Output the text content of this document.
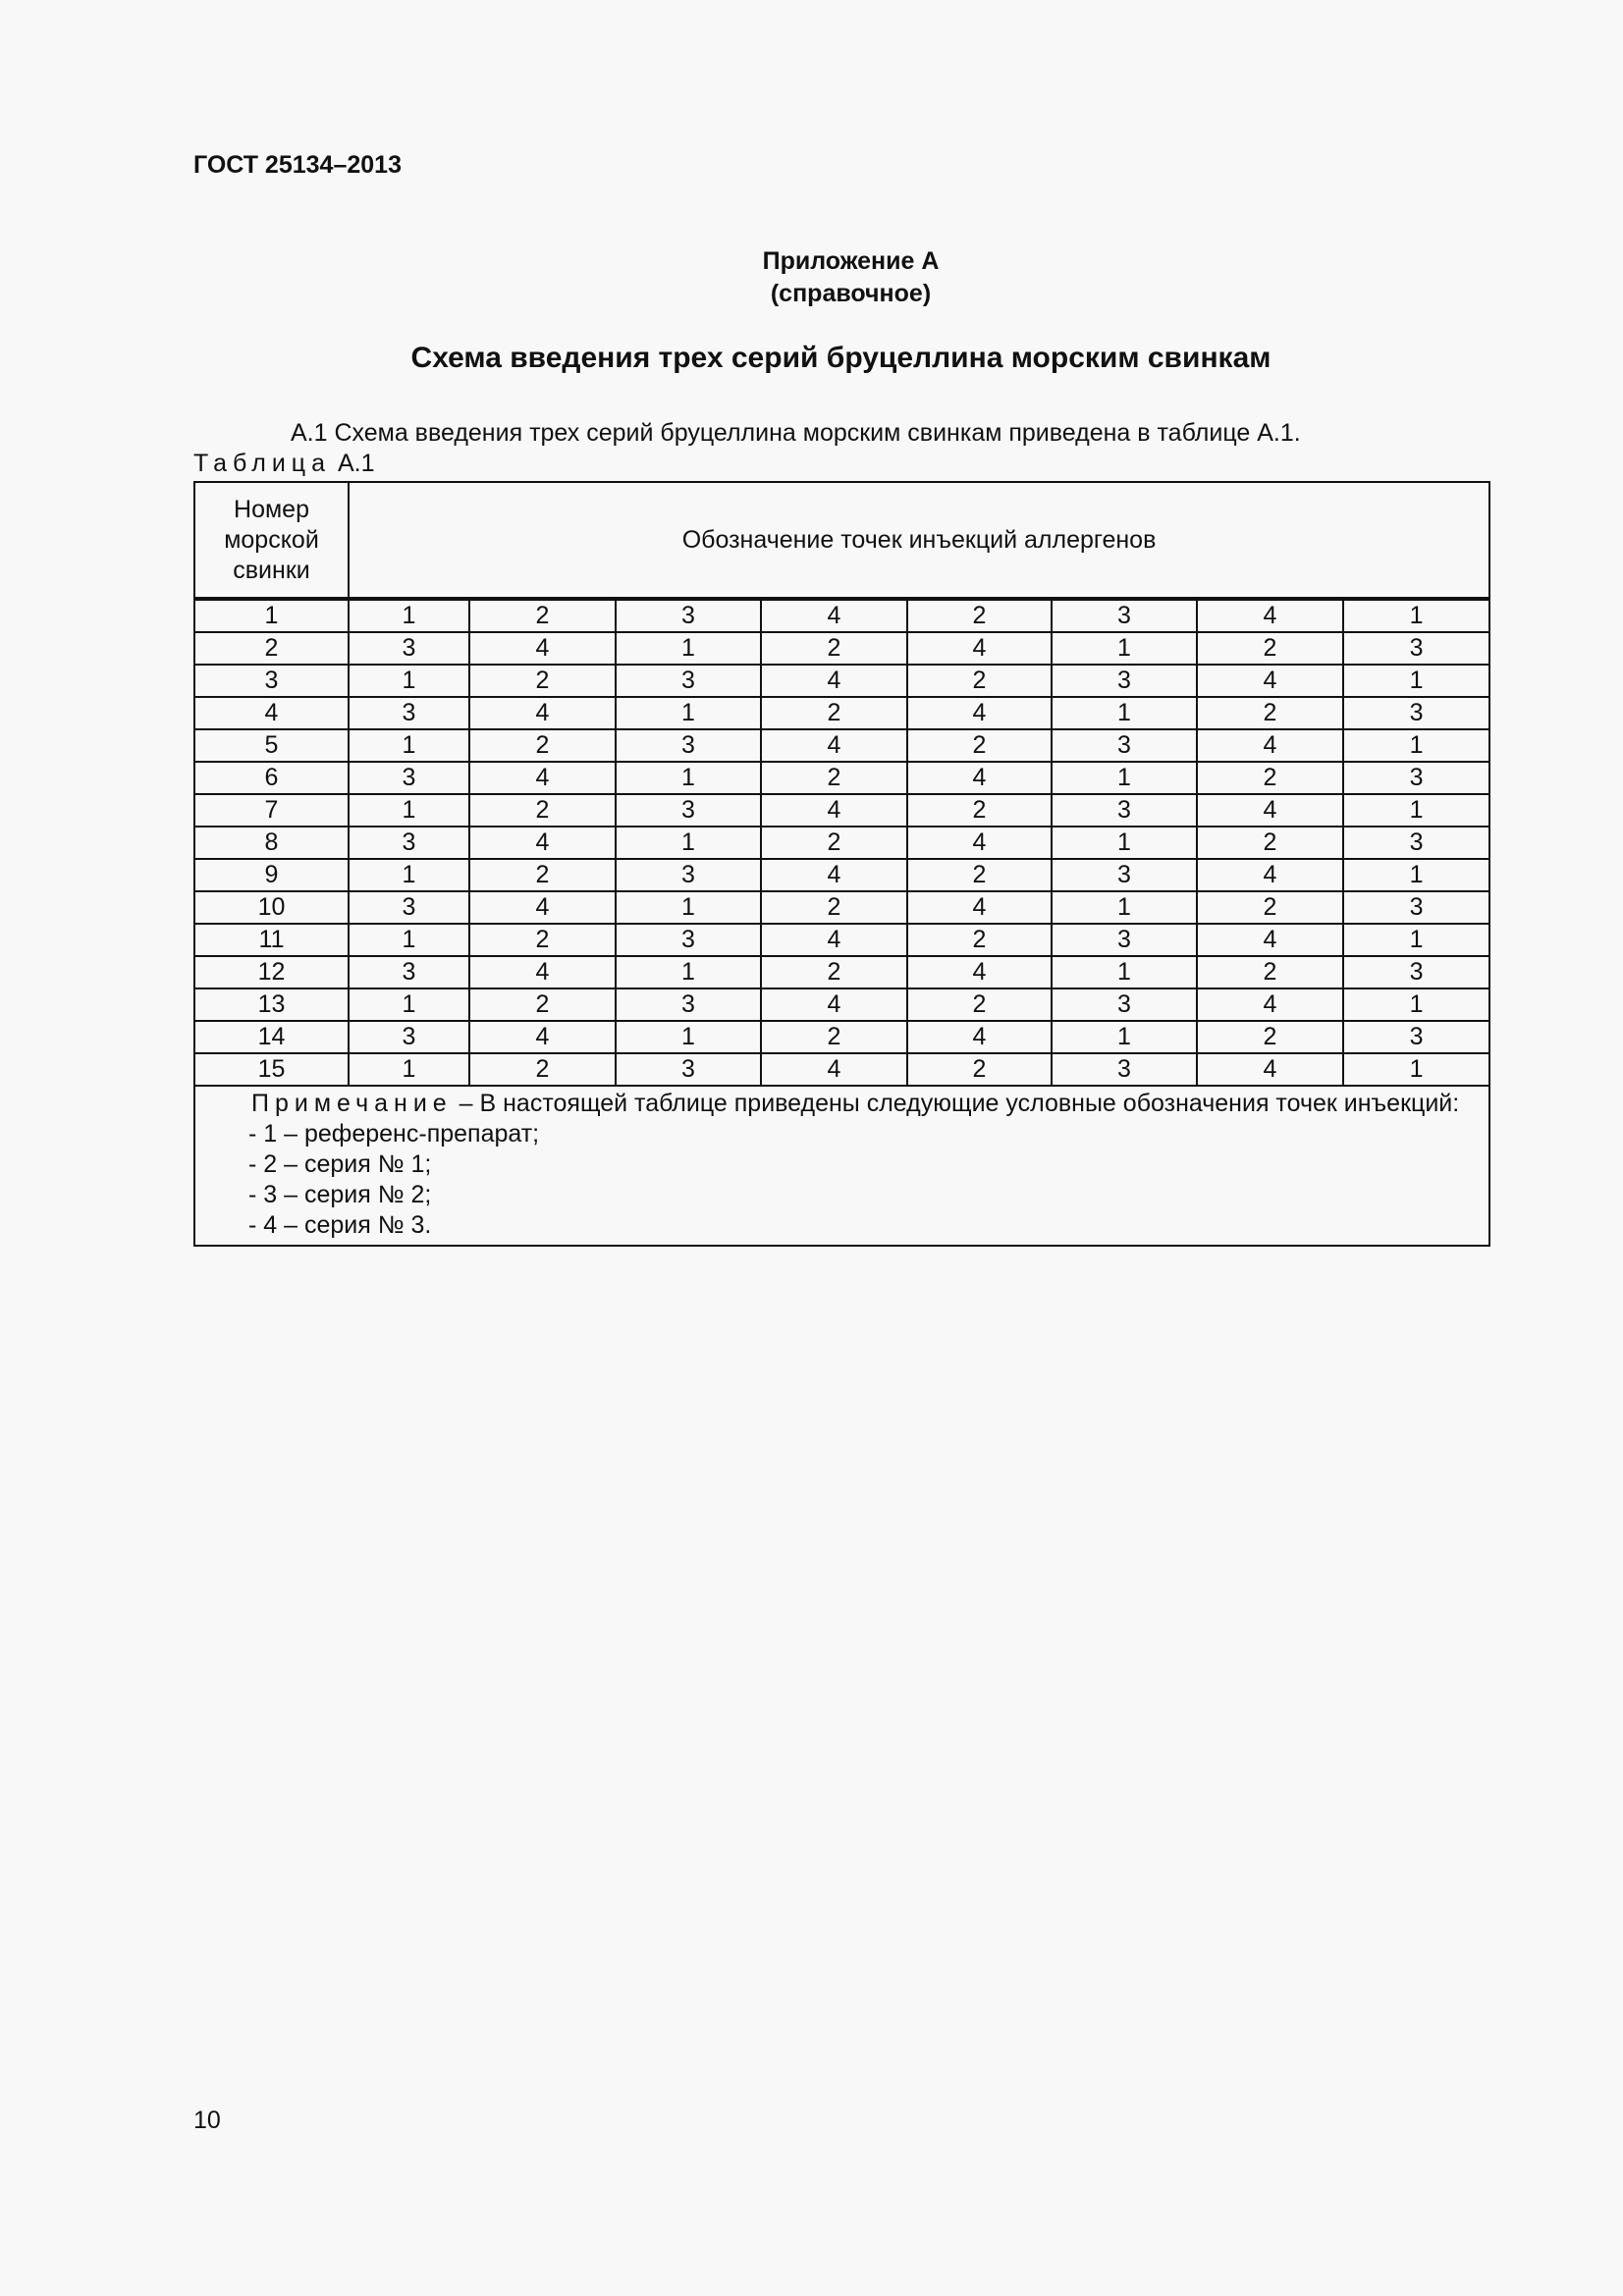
ГОСТ 25134–2013
Приложение А
(справочное)
Схема введения трех серий бруцеллина морским свинкам
А.1 Схема введения трех серий бруцеллина морским свинкам приведена в таблице А.1.
Таблица А.1
Номер морской свинки	Обозначение точек инъекций аллергенов							
1	1	2	3	4	2	3	4	1
2	3	4	1	2	4	1	2	3
3	1	2	3	4	2	3	4	1
4	3	4	1	2	4	1	2	3
5	1	2	3	4	2	3	4	1
6	3	4	1	2	4	1	2	3
7	1	2	3	4	2	3	4	1
8	3	4	1	2	4	1	2	3
9	1	2	3	4	2	3	4	1
10	3	4	1	2	4	1	2	3
11	1	2	3	4	2	3	4	1
12	3	4	1	2	4	1	2	3
13	1	2	3	4	2	3	4	1
14	3	4	1	2	4	1	2	3
15	1	2	3	4	2	3	4	1

Примечание – В настоящей таблице приведены следующие условные обозначения точек инъекций:
- 1 – референс-препарат;
- 2 – серия № 1;
- 3 – серия № 2;
- 4 – серия № 3.								
10
